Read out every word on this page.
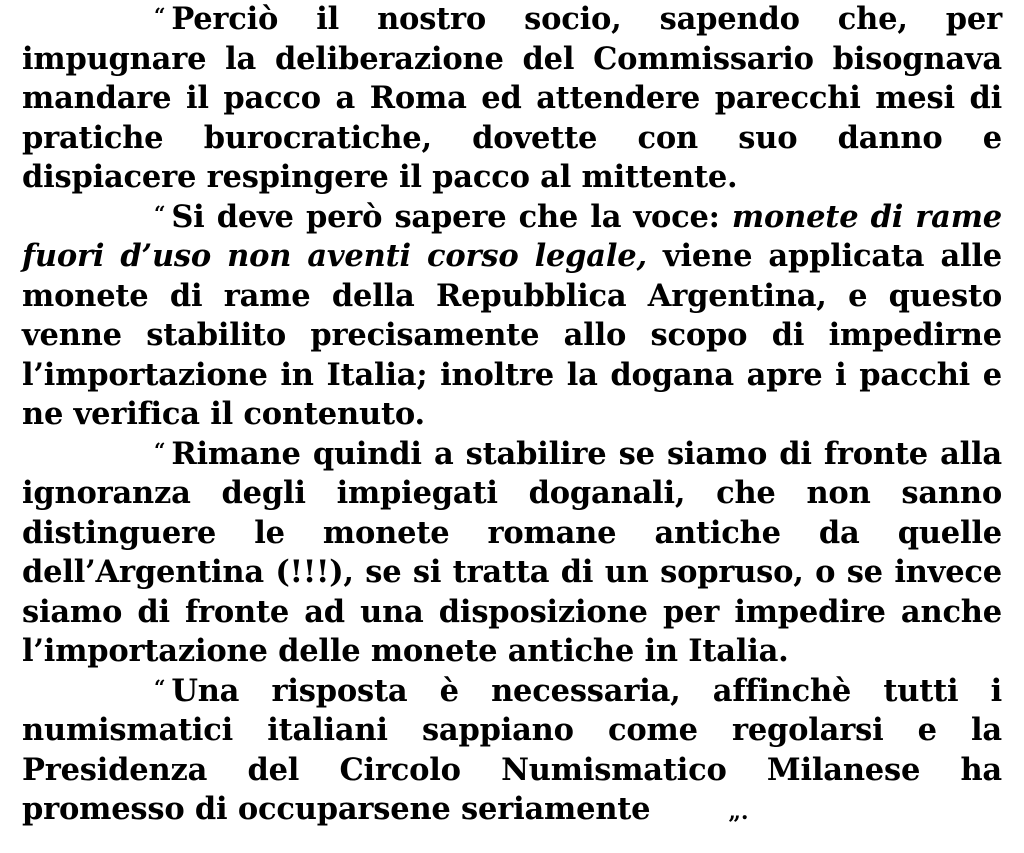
“ Perciò il nostro socio, sapendo che, per impugnare la deliberazione del Commissario bisognava mandare il pacco a Roma ed attendere parecchi mesi di pratiche burocratiche, dovette con suo danno e dispiacere respingere il pacco al mittente.

“ Si deve però sapere che la voce: monete di rame fuori d’uso non aventi corso legale, viene applicata alle monete di rame della Repubblica Argentina, e questo venne stabilito precisamente allo scopo di impedirne l’importazione in Italia; inoltre la dogana apre i pacchi e ne verifica il contenuto.

“ Rimane quindi a stabilire se siamo di fronte alla ignoranza degli impiegati doganali, che non sanno distinguere le monete romane antiche da quelle dell’Argentina (!!!), se si tratta di un sopruso, o se invece siamo di fronte ad una disposizione per impedire anche l’importazione delle monete antiche in Italia.

“ Una risposta è necessaria, affinchè tutti i numismatici italiani sappiano come regolarsi e la Presidenza del Circolo Numismatico Milanese ha promesso di occuparsene seriamente	„.
